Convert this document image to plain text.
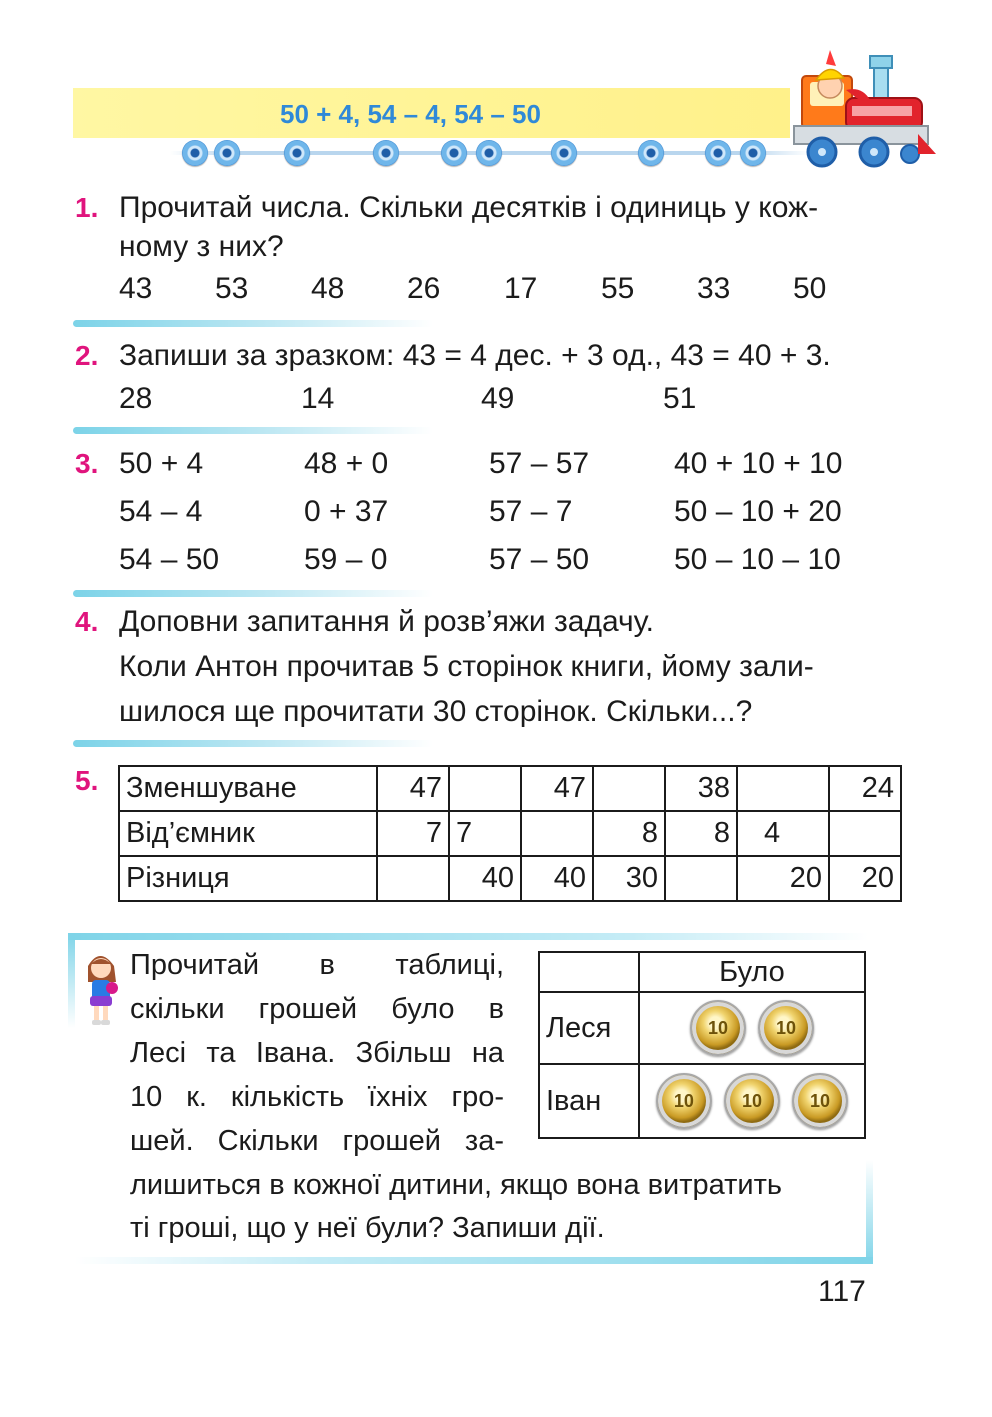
50 + 4, 54 – 4, 54 – 50
1. Прочитай числа. Скільки десятків і одиниць у кож-
ному з них?
43 53 48 26 17 55 33 50
2. Запиши за зразком: 43 = 4 дес. + 3 од., 43 = 40 + 3.
28	14	49	51
3. 50 + 4	48 + 0	57 – 57	40 + 10 + 10
54 – 4	0 + 37	57 – 7	50 – 10 + 20
54 – 50	59 – 0	57 – 50	50 – 10 – 10
4. Доповни запитання й розв’яжи задачу.
Коли Антон прочитав 5 сторінок книги, йому зали-
шилося ще прочитати 30 сторінок. Скільки...?
5. Зменшуване	47		47		38		24
Від’ємник	7	7		8	8	4	
Різниця		40	40	30		20	20
Прочитай в таблиці,
скільки грошей було в
Лесі та Івана. Збільш на
10 к. кількість їхніх гро-
шей. Скільки грошей за-
лишиться в кожної дитини, якщо вона витратить
ті гроші, що у неї були? Запиши дії.
	Було
Леся	10 10
Іван	10 10 10
117
